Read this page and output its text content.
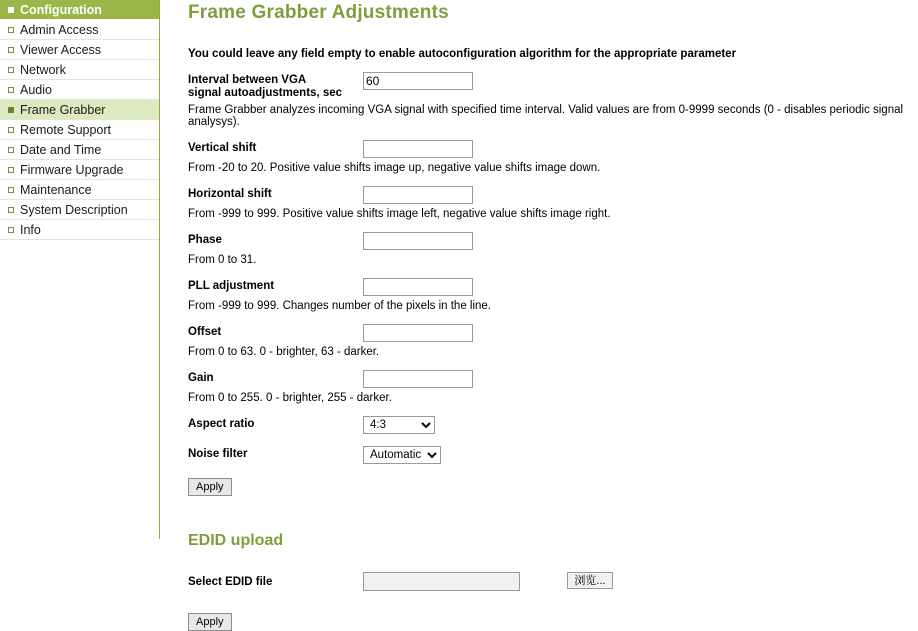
Configuration
Admin Access
Viewer Access
Network
Audio
Frame Grabber
Remote Support
Date and Time
Firmware Upgrade
Maintenance
System Description
Info
Frame Grabber Adjustments
You could leave any field empty to enable autoconfiguration algorithm for the appropriate parameter
Interval between VGA
signal autoadjustments, sec
60
Frame Grabber analyzes incoming VGA signal with specified time interval. Valid values are from 0-9999 seconds (0 - disables periodic signal analysys).
Vertical shift
From -20 to 20. Positive value shifts image up, negative value shifts image down.
Horizontal shift
From -999 to 999. Positive value shifts image left, negative value shifts image right.
Phase
From 0 to 31.
PLL adjustment
From -999 to 999. Changes number of the pixels in the line.
Offset
From 0 to 63. 0 - brighter, 63 - darker.
Gain
From 0 to 255. 0 - brighter, 255 - darker.
Aspect ratio
4:3
Noise filter
Automatic
Apply
EDID upload
Select EDID file	浏览...
Apply
